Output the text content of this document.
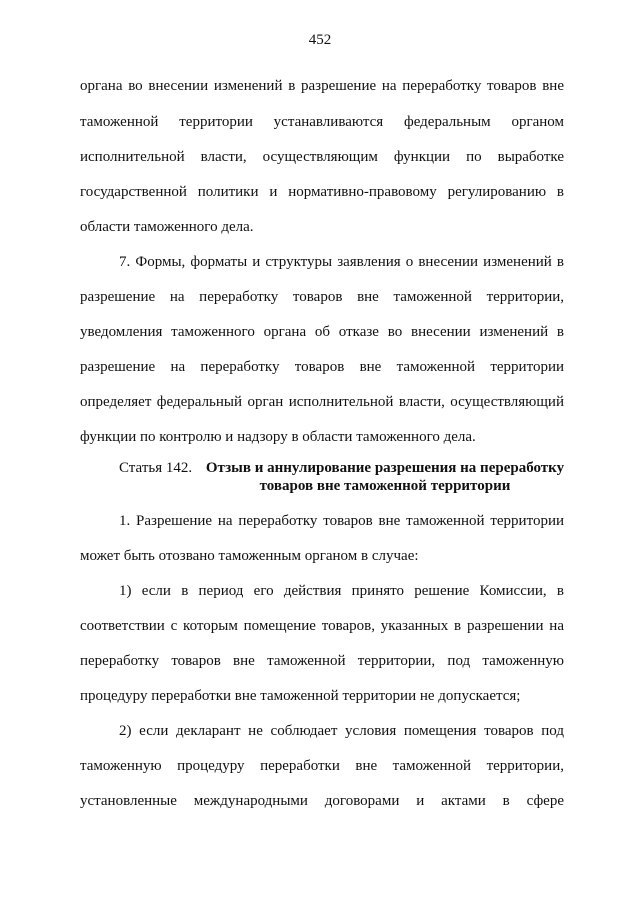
452
органа во внесении изменений в разрешение на переработку товаров вне
таможенной территории устанавливаются федеральным органом
исполнительной власти, осуществляющим функции по выработке
государственной политики и нормативно-правовому регулированию в
области таможенного дела.
7. Формы, форматы и структуры заявления о внесении изменений в
разрешение на переработку товаров вне таможенной территории,
уведомления таможенного органа об отказе во внесении изменений в
разрешение на переработку товаров вне таможенной территории
определяет федеральный орган исполнительной власти, осуществляющий
функции по контролю и надзору в области таможенного дела.
Статья 142. Отзыв и аннулирование разрешения на переработку
товаров вне таможенной территории
1. Разрешение на переработку товаров вне таможенной территории
может быть отозвано таможенным органом в случае:
1) если в период его действия принято решение Комиссии, в
соответствии с которым помещение товаров, указанных в разрешении на
переработку товаров вне таможенной территории, под таможенную
процедуру переработки вне таможенной территории не допускается;
2) если декларант не соблюдает условия помещения товаров под
таможенную процедуру переработки вне таможенной территории,
установленные международными договорами и актами в сфере
